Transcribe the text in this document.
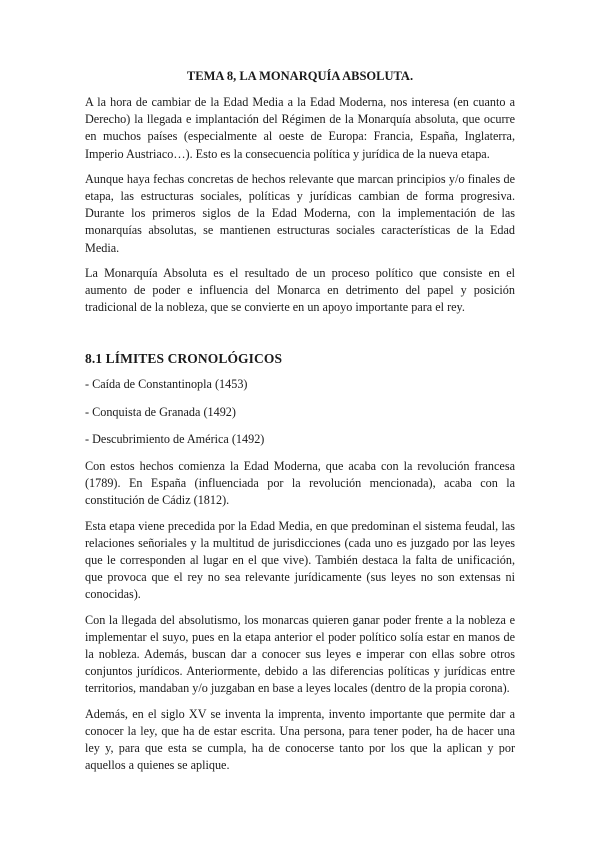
TEMA 8, LA MONARQUÍA ABSOLUTA.

A la hora de cambiar de la Edad Media a la Edad Moderna, nos interesa (en cuanto a Derecho) la llegada e implantación del Régimen de la Monarquía absoluta, que ocurre en muchos países (especialmente al oeste de Europa: Francia, España, Inglaterra, Imperio Austriaco…). Esto es la consecuencia política y jurídica de la nueva etapa.

Aunque haya fechas concretas de hechos relevante que marcan principios y/o finales de etapa, las estructuras sociales, políticas y jurídicas cambian de forma progresiva. Durante los primeros siglos de la Edad Moderna, con la implementación de las monarquías absolutas, se mantienen estructuras sociales características de la Edad Media.

La Monarquía Absoluta es el resultado de un proceso político que consiste en el aumento de poder e influencia del Monarca en detrimento del papel y posición tradicional de la nobleza, que se convierte en un apoyo importante para el rey.

8.1 LÍMITES CRONOLÓGICOS

- Caída de Constantinopla (1453)

- Conquista de Granada (1492)

- Descubrimiento de América (1492)

Con estos hechos comienza la Edad Moderna, que acaba con la revolución francesa (1789). En España (influenciada por la revolución mencionada), acaba con la constitución de Cádiz (1812).

Esta etapa viene precedida por la Edad Media, en que predominan el sistema feudal, las relaciones señoriales y la multitud de jurisdicciones (cada uno es juzgado por las leyes que le corresponden al lugar en el que vive). También destaca la falta de unificación, que provoca que el rey no sea relevante jurídicamente (sus leyes no son extensas ni conocidas).

Con la llegada del absolutismo, los monarcas quieren ganar poder frente a la nobleza e implementar el suyo, pues en la etapa anterior el poder político solía estar en manos de la nobleza. Además, buscan dar a conocer sus leyes e imperar con ellas sobre otros conjuntos jurídicos. Anteriormente, debido a las diferencias políticas y jurídicas entre territorios, mandaban y/o juzgaban en base a leyes locales (dentro de la propia corona).

Además, en el siglo XV se inventa la imprenta, invento importante que permite dar a conocer la ley, que ha de estar escrita. Una persona, para tener poder, ha de hacer una ley y, para que esta se cumpla, ha de conocerse tanto por los que la aplican y por aquellos a quienes se aplique.
